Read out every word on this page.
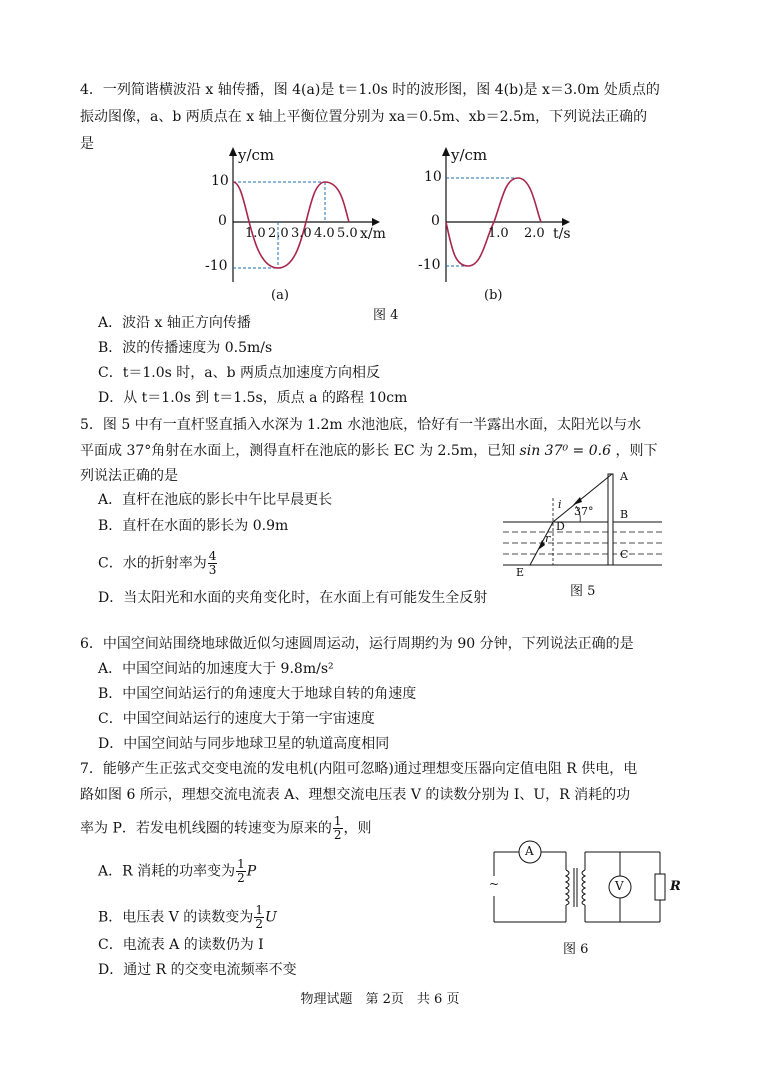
4．一列简谐横波沿 x 轴传播，图 4(a)是 t＝1.0s 时的波形图，图 4(b)是 x＝3.0m 处质点的
振动图像，a、b 两质点在 x 轴上平衡位置分别为 xa＝0.5m、xb＝2.5m，下列说法正确的
是
y/cm
10
0
-10
1.0 2.0 3.0 4.0 5.0 x/m
(a)
y/cm
10
0
-10
1.0 2.0 t/s
(b)
图 4
A．波沿 x 轴正方向传播
B．波的传播速度为 0.5m/s
C．t＝1.0s 时，a、b 两质点加速度方向相反
D．从 t＝1.0s 到 t＝1.5s，质点 a 的路程 10cm
5．图 5 中有一直杆竖直插入水深为 1.2m 水池池底，恰好有一半露出水面，太阳光以与水
平面成 37°角射在水面上，测得直杆在池底的影长 EC 为 2.5m，已知 sin 37⁰ = 0.6 ，则下
列说法正确的是
A．直杆在池底的影长中午比早晨更长
B．直杆在水面的影长为 0.9m
C．水的折射率为 $\frac{4}{3}$
D．当太阳光和水面的夹角变化时，在水面上有可能发生全反射
A
B
C
D
E
i
r
37°
图 5
6．中国空间站围绕地球做近似匀速圆周运动，运行周期约为 90 分钟，下列说法正确的是
A．中国空间站的加速度大于 9.8m/s²
B．中国空间站运行的角速度大于地球自转的角速度
C．中国空间站运行的速度大于第一宇宙速度
D．中国空间站与同步地球卫星的轨道高度相同
7．能够产生正弦式交变电流的发电机(内阻可忽略)通过理想变压器向定值电阻 R 供电，电
路如图 6 所示，理想交流电流表 A、理想交流电压表 V 的读数分别为 I、U，R 消耗的功
率为 P．若发电机线圈的转速变为原来的 $\frac{1}{2}$ ，则
A．R 消耗的功率变为 $\frac{1}{2}$ P
B．电压表 V 的读数变为 $\frac{1}{2}$ U
C．电流表 A 的读数仍为 I
D．通过 R 的交变电流频率不变
A
V	R
~
图 6
物理试题　第 2页　共 6 页
